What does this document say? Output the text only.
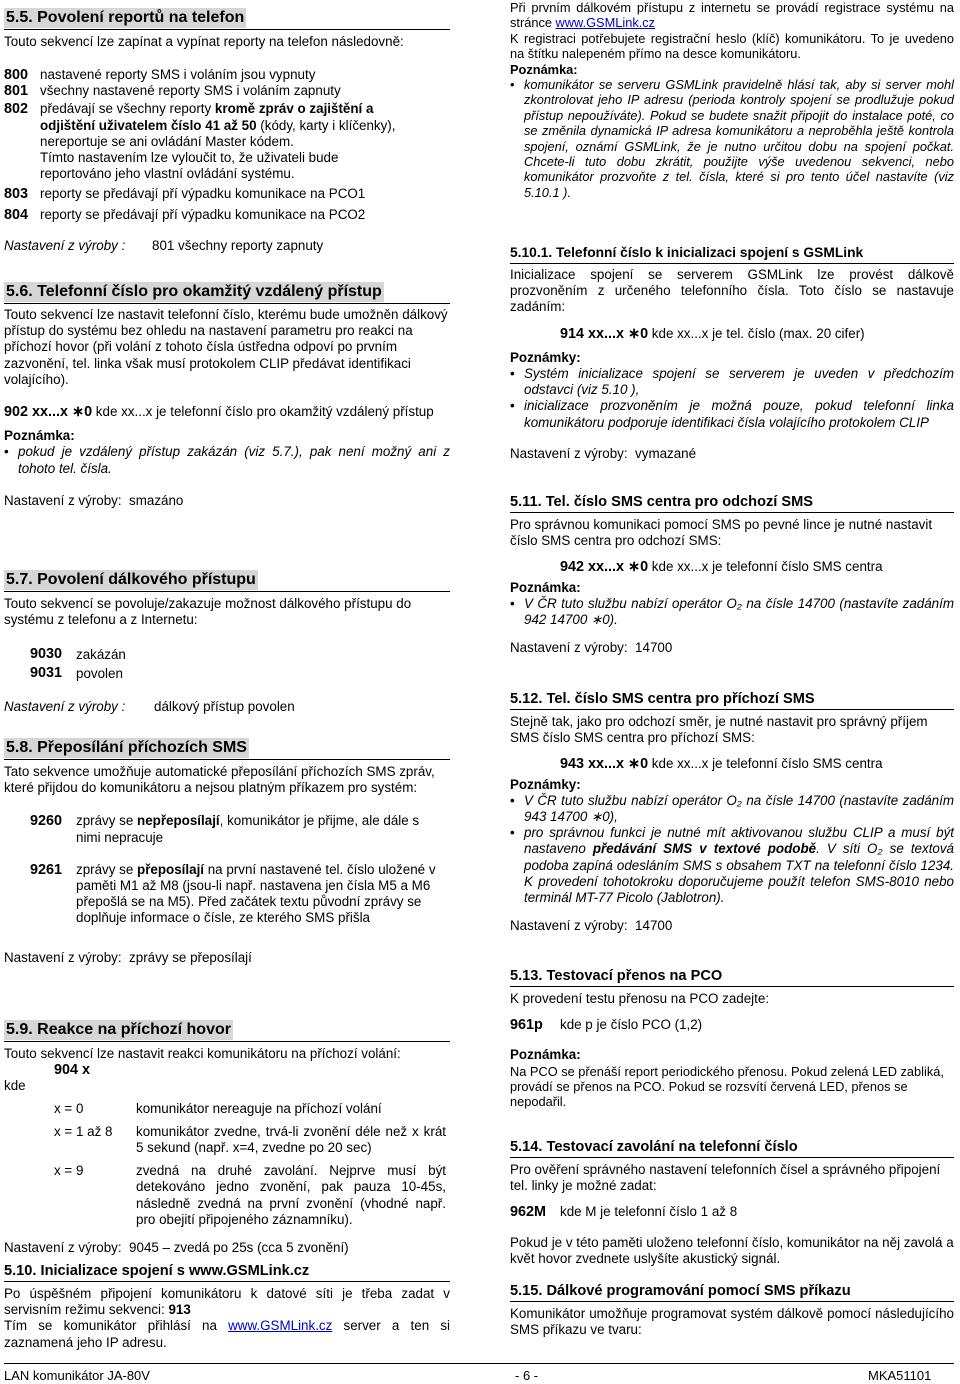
5.5. Povolení reportů na telefon

Touto sekvencí lze zapínat a vypínat reporty na telefon následovně:

800 nastavené reporty SMS i voláním jsou vypnuty
801 všechny nastavené reporty SMS i voláním zapnuty
802 předávají se všechny reporty kromě zpráv o zajištění a odjištění uživatelem číslo 41 až 50 (kódy, karty i klíčenky), nereportuje se ani ovládání Master kódem.
Tímto nastavením lze vyloučit to, že uživateli bude reportováno jeho vlastní ovládání systému.
803 reporty se předávají pří výpadku komunikace na PCO1
804 reporty se předávají pří výpadku komunikace na PCO2
Nastavení z výroby : 801 všechny reporty zapnuty
5.6. Telefonní číslo pro okamžitý vzdálený přístup

Touto sekvencí lze nastavit telefonní číslo, kterému bude umožněn dálkový přístup do systému bez ohledu na nastavení parametru pro reakci na příchozí hovor (při volání z tohoto čísla ústředna odpoví po prvním zazvonění, tel. linka však musí protokolem CLIP předávat identifikaci volajícího).

902 xx...x ∗0 kde xx...x je telefonní číslo pro okamžitý vzdálený přístup

Poznámka:

• pokud je vzdálený přístup zakázán (viz 5.7.), pak není možný ani z tohoto tel. čísla.

Nastavení z výroby: smazáno

5.7. Povolení dálkového přístupu

Touto sekvencí se povoluje/zakazuje možnost dálkového přístupu do systému z telefonu a z Internetu:

9030	zakázán
9031	povolen

Nastavení z výroby : dálkový přístup povolen

5.8. Přeposílání příchozích SMS

Tato sekvence umožňuje automatické přeposílání příchozích SMS zpráv, které přijdou do komunikátoru a nejsou platným příkazem pro systém:

9260	zprávy se nepřeposílají, komunikátor je přijme, ale dále s nimi nepracuje
9261	zprávy se přeposílají na první nastavené tel. číslo uložené v paměti M1 až M8 (jsou-li např. nastavena jen čísla M5 a M6 přepošlá se na M5). Před začátek textu původní zprávy se doplňuje informace o čísle, ze kterého SMS přišla

Nastavení z výroby: zprávy se přeposílají

5.9. Reakce na příchozí hovor

Touto sekvencí lze nastavit reakci komunikátoru na příchozí volání:

904 x

kde

x = 0	komunikátor nereaguje na příchozí volání
x = 1 až 8	komunikátor zvedne, trvá-li zvonění déle než x krát 5 sekund (např. x=4, zvedne po 20 sec)
x = 9	zvedná na druhé zavolání. Nejprve musí být detekováno jedno zvonění, pak pauza 10-45s, následně zvedná na první zvonění (vhodné např. pro obejití připojeného záznamníku).

Nastavení z výroby: 9045 – zvedá po 25s (cca 5 zvonění)

5.10. Inicializace spojení s www.GSMLink.cz

Po úspěšném připojení komunikátoru k datové síti je třeba zadat v servisním režimu sekvenci: 913

Tím se komunikátor přihlásí na www.GSMLink.cz server a ten si zaznamená jeho IP adresu.

Při prvním dálkovém přístupu z internetu se provádí registrace systému na stránce www.GSMLink.cz

K registraci potřebujete registrační heslo (klíč) komunikátoru. To je uvedeno na štítku nalepeném přímo na desce komunikátoru.

Poznámka:

• komunikátor se serveru GSMLink pravidelně hlásí tak, aby si server mohl zkontrolovat jeho IP adresu (perioda kontroly spojení se prodlužuje pokud přístup nepoužíváte). Pokud se budete snažit připojit do instalace poté, co se změnila dynamická IP adresa komunikátoru a neproběhla ještě kontrola spojení, oznámí GSMLink, že je nutno určitou dobu na spojení počkat. Chcete-li tuto dobu zkrátit, použijte výše uvedenou sekvenci, nebo komunikátor prozvoňte z tel. čísla, které si pro tento účel nastavíte (viz 5.10.1 ).
5.10.1. Telefonní číslo k inicializaci spojení s GSMLink

Inicializace spojení se serverem GSMLink lze provést dálkově prozvoněním z určeného telefonního čísla. Toto číslo se nastavuje zadáním:

914 xx...x ∗0 kde xx...x je tel. číslo (max. 20 cifer)

Poznámky:

• Systém inicializace spojení se serverem je uveden v předchozím odstavci (viz 5.10 ),
• inicializace prozvoněním je možná pouze, pokud telefonní linka komunikátoru podporuje identifikaci čísla volajícího protokolem CLIP

Nastavení z výroby: vymazané

5.11. Tel. číslo SMS centra pro odchozí SMS

Pro správnou komunikaci pomocí SMS po pevné lince je nutné nastavit číslo SMS centra pro odchozí SMS:

942 xx...x ∗0 kde xx...x je telefonní číslo SMS centra

Poznámka:

• V ČR tuto službu nabízí operátor O₂ na čísle 14700 (nastavíte zadáním 942 14700 ∗0).

Nastavení z výroby: 14700

5.12. Tel. číslo SMS centra pro příchozí SMS

Stejně tak, jako pro odchozí směr, je nutné nastavit pro správný příjem SMS číslo SMS centra pro příchozí SMS:

943 xx...x ∗0 kde xx...x je telefonní číslo SMS centra

Poznámky:

• V ČR tuto službu nabízí operátor O₂ na čísle 14700 (nastavíte zadáním 943 14700 ∗0),
• pro správnou funkci je nutné mít aktivovanou službu CLIP a musí být nastaveno předávání SMS v textové podobě. V síti O₂ se textová podoba zapíná odesláním SMS s obsahem TXT na telefonní číslo 1234. K provedení tohotokroku doporučujeme použít telefon SMS-8010 nebo terminál MT-77 Picolo (Jablotron).

Nastavení z výroby: 14700

5.13. Testovací přenos na PCO

K provedení testu přenosu na PCO zadejte:

961p kde p je číslo PCO (1,2)

Poznámka:

Na PCO se přenáší report periodického přenosu. Pokud zelená LED zabliká, provádí se přenos na PCO. Pokud se rozsvítí červená LED, přenos se nepodařil.

5.14. Testovací zavolání na telefonní číslo

Pro ověření správného nastavení telefonních čísel a správného připojení tel. linky je možné zadat:

962M kde M je telefonní číslo 1 až 8

Pokud je v této paměti uloženo telefonní číslo, komunikátor na něj zavolá a květ hovor zvednete uslyšíte akustický signál.

5.15. Dálkové programování pomocí SMS příkazu

Komunikátor umožňuje programovat systém dálkově pomocí následujícího SMS příkazu ve tvaru:

LAN komunikátor JA-80V	- 6 -	MKA51101
